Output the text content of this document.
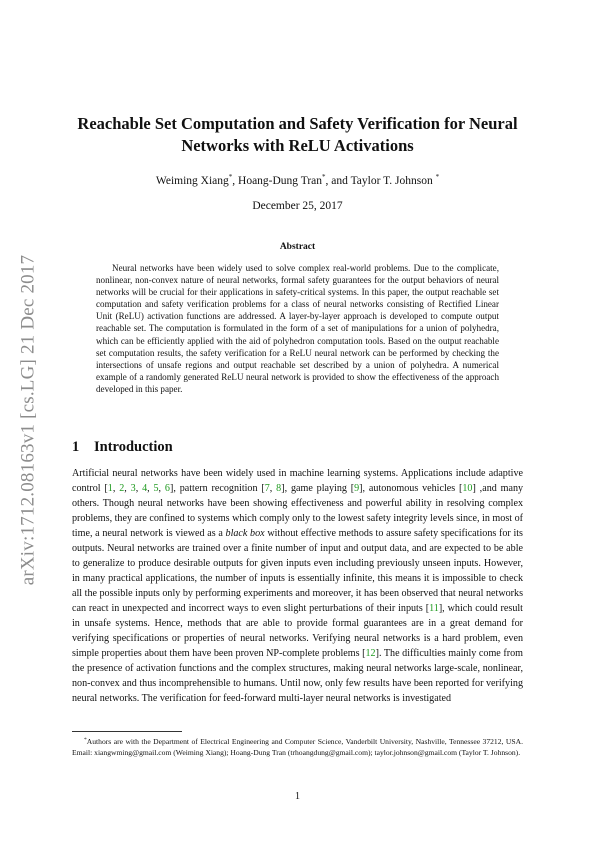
arXiv:1712.08163v1 [cs.LG] 21 Dec 2017
Reachable Set Computation and Safety Verification for Neural Networks with ReLU Activations
Weiming Xiang*, Hoang-Dung Tran*, and Taylor T. Johnson *
December 25, 2017
Abstract

Neural networks have been widely used to solve complex real-world problems. Due to the complicate, nonlinear, non-convex nature of neural networks, formal safety guarantees for the output behaviors of neural networks will be crucial for their applications in safety-critical systems. In this paper, the output reachable set computation and safety verification problems for a class of neural networks consisting of Rectified Linear Unit (ReLU) activation functions are addressed. A layer-by-layer approach is developed to compute output reachable set. The computation is formulated in the form of a set of manipulations for a union of polyhedra, which can be efficiently applied with the aid of polyhedron computation tools. Based on the output reachable set computation results, the safety verification for a ReLU neural network can be performed by checking the intersections of unsafe regions and output reachable set described by a union of polyhedra. A numerical example of a randomly generated ReLU neural network is provided to show the effectiveness of the approach developed in this paper.

1	Introduction

Artificial neural networks have been widely used in machine learning systems. Applications include adaptive control [1, 2, 3, 4, 5, 6], pattern recognition [7, 8], game playing [9], autonomous vehicles [10] ,and many others. Though neural networks have been showing effectiveness and powerful ability in resolving complex problems, they are confined to systems which comply only to the lowest safety integrity levels since, in most of time, a neural network is viewed as a black box without effective methods to assure safety specifications for its outputs. Neural networks are trained over a finite number of input and output data, and are expected to be able to generalize to produce desirable outputs for given inputs even including previously unseen inputs. However, in many practical applications, the number of inputs is essentially infinite, this means it is impossible to check all the possible inputs only by performing experiments and moreover, it has been observed that neural networks can react in unexpected and incorrect ways to even slight perturbations of their inputs [11], which could result in unsafe systems. Hence, methods that are able to provide formal guarantees are in a great demand for verifying specifications or properties of neural networks. Verifying neural networks is a hard problem, even simple properties about them have been proven NP-complete problems [12]. The difficulties mainly come from the presence of activation functions and the complex structures, making neural networks large-scale, nonlinear, non-convex and thus incomprehensible to humans. Until now, only few results have been reported for verifying neural networks. The verification for feed-forward multi-layer neural networks is investigated

*Authors are with the Department of Electrical Engineering and Computer Science, Vanderbilt University, Nashville, Tennessee 37212, USA. Email: xiangwming@gmail.com (Weiming Xiang); Hoang-Dung Tran (trhoangdung@gmail.com); taylor.johnson@gmail.com (Taylor T. Johnson).

1
